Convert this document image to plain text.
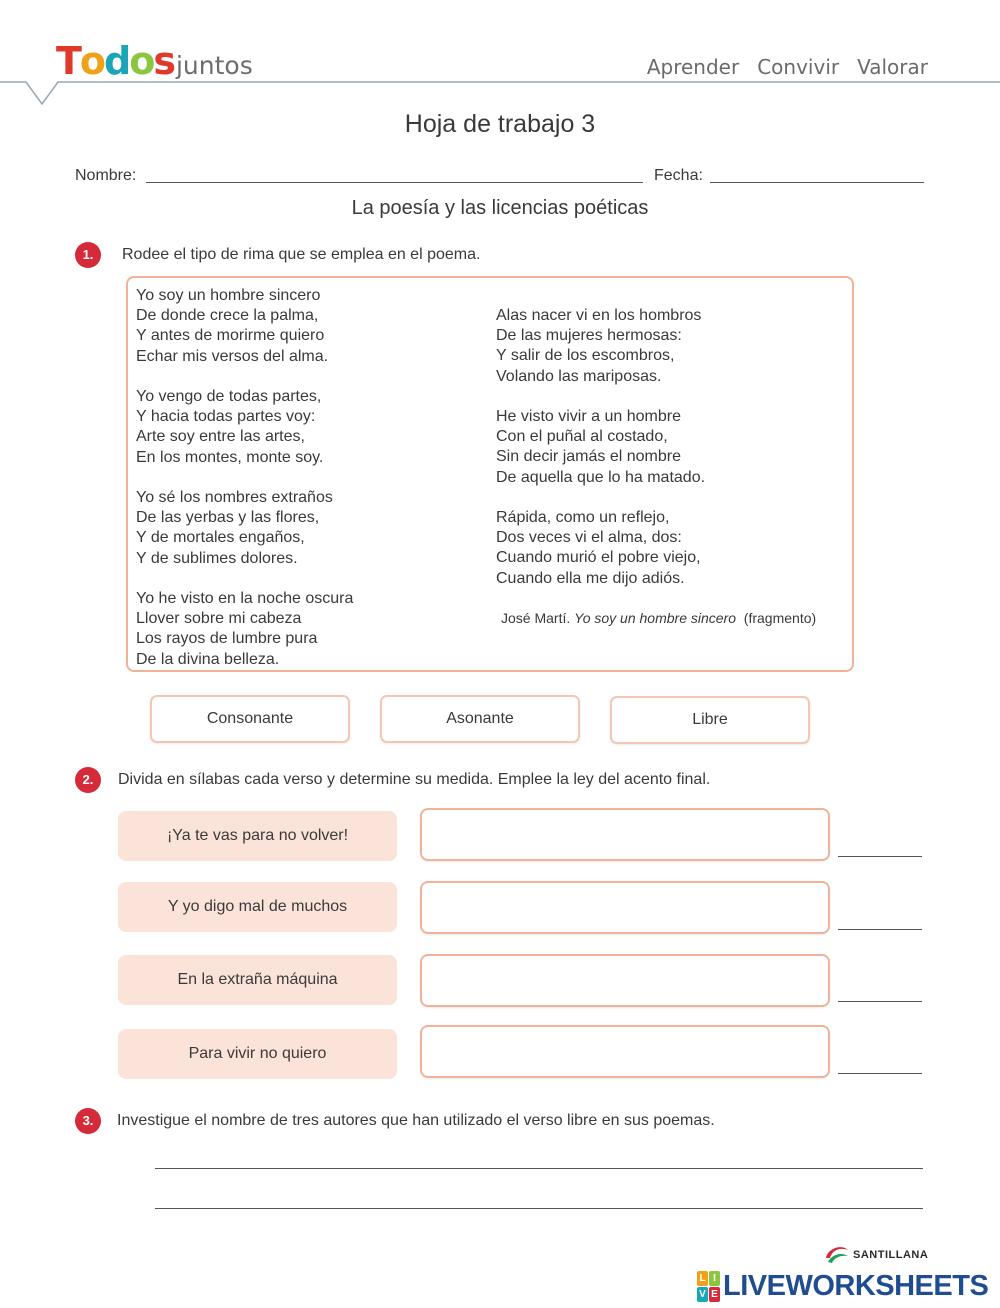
Todos juntos	Aprender Convivir Valorar
Hoja de trabajo 3
Nombre:	Fecha:
La poesía y las licencias poéticas
1.	Rodee el tipo de rima que se emplea en el poema.
Yo soy un hombre sincero
De donde crece la palma,
Y antes de morirme quiero
Echar mis versos del alma.
Yo vengo de todas partes,
Y hacia todas partes voy:
Arte soy entre las artes,
En los montes, monte soy.
Yo sé los nombres extraños
De las yerbas y las flores,
Y de mortales engaños,
Y de sublimes dolores.
Yo he visto en la noche oscura
Llover sobre mi cabeza
Los rayos de lumbre pura
De la divina belleza.
Alas nacer vi en los hombros
De las mujeres hermosas:
Y salir de los escombros,
Volando las mariposas.
He visto vivir a un hombre
Con el puñal al costado,
Sin decir jamás el nombre
De aquella que lo ha matado.
Rápida, como un reflejo,
Dos veces vi el alma, dos:
Cuando murió el pobre viejo,
Cuando ella me dijo adiós.
José Martí. Yo soy un hombre sincero (fragmento)
Consonante	Asonante	Libre
2.	Divida en sílabas cada verso y determine su medida. Emplee la ley del acento final.
¡Ya te vas para no volver!
Y yo digo mal de muchos
En la extraña máquina
Para vivir no quiero
3.	Investigue el nombre de tres autores que han utilizado el verso libre en sus poemas.
SANTILLANA
L I
V E LIVEWORKSHEETS
